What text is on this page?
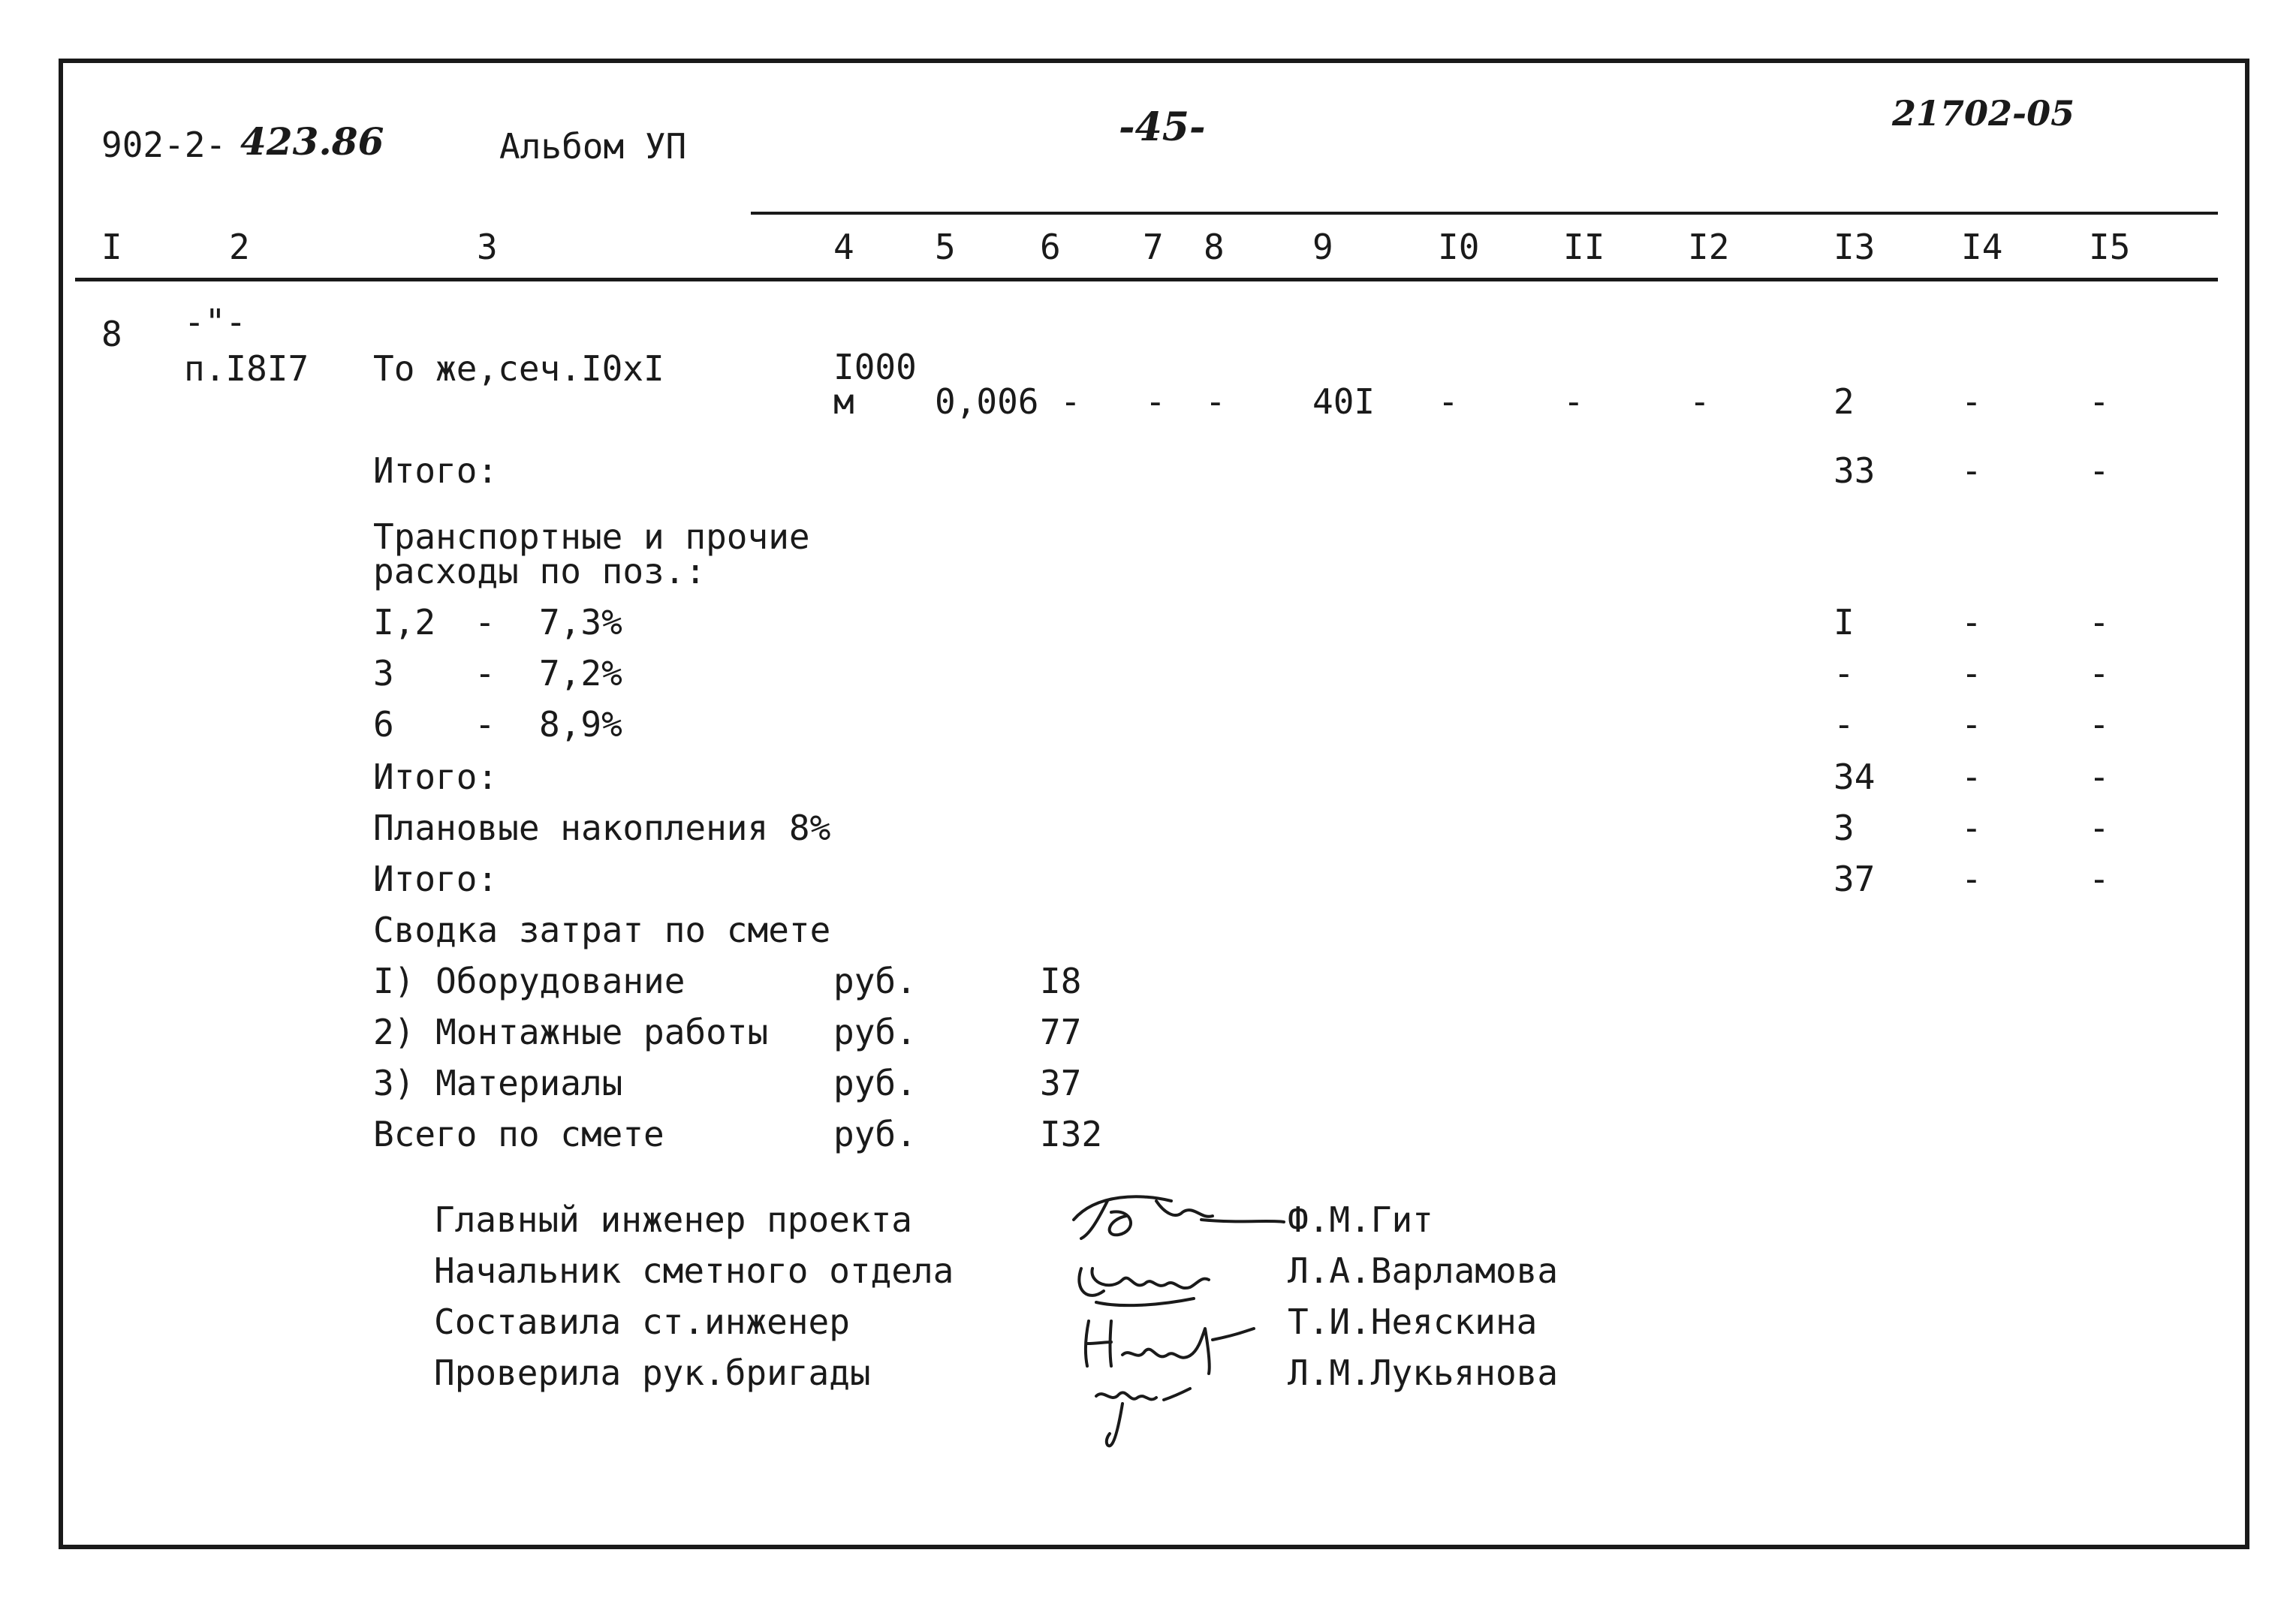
902-2- 423.86	Альбом УП	-45-	21702-05
I	2	3	4 5 6 7 8	9	I0 II I2	I3 I4 I5
8 -"-
п.I8I7 То же,сеч.I0xI	I000
м 0,006 - - -	40I -	-	-	2	-	-
Итого:	33 -	-
Транспортные и прочие
расходы по поз.:
I,2 - 7,3%	I	-	-
3 - 7,2%	-	-	-
6 - 8,9%	-	-	-
Итого:	34 -	-
Плановые накопления 8%	3	-	-
Итого:	37 -	-
Сводка затрат по смете
I) Оборудование	руб.	I8
2) Монтажные работы руб.	77
3) Материалы	руб.	37
Всего по смете	руб.	I32
Главный инженер проекта	Ф.М.Гит
Начальник сметного отдела	Л.А.Варламова
Составила ст.инженер	Т.И.Неяскина
Проверила рук.бригады	Л.М.Лукьянова
